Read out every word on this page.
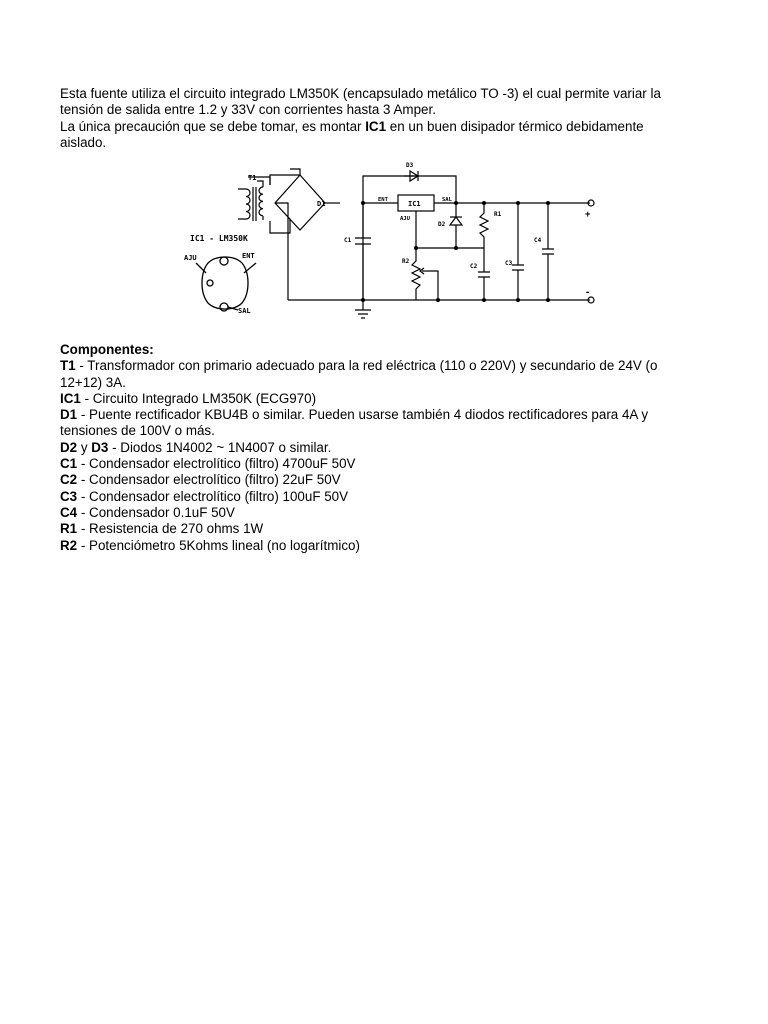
Esta fuente utiliza el circuito integrado LM350K (encapsulado metálico TO -3) el cual permite variar la
tensión de salida entre 1.2 y 33V con corrientes hasta 3 Amper.
La única precaución que se debe tomar, es montar IC1 en un buen disipador térmico debidamente
aislado.
T1
D1
D3
IC1
ENT	SAL
AJU
D2
R1
R2
C2	C3
C4
C1
+
-
IC1 - LM350K
AJU	ENT
SAL
Componentes:
T1 - Transformador con primario adecuado para la red eléctrica (110 o 220V) y secundario de 24V (o
12+12) 3A.
IC1 - Circuito Integrado LM350K (ECG970)
D1 - Puente rectificador KBU4B o similar. Pueden usarse también 4 diodos rectificadores para 4A y
tensiones de 100V o más.
D2 y D3 - Diodos 1N4002 ~ 1N4007 o similar.
C1 - Condensador electrolítico (filtro) 4700uF 50V
C2 - Condensador electrolítico (filtro) 22uF 50V
C3 - Condensador electrolítico (filtro) 100uF 50V
C4 - Condensador 0.1uF 50V
R1 - Resistencia de 270 ohms 1W
R2 - Potenciómetro 5Kohms lineal (no logarítmico)
